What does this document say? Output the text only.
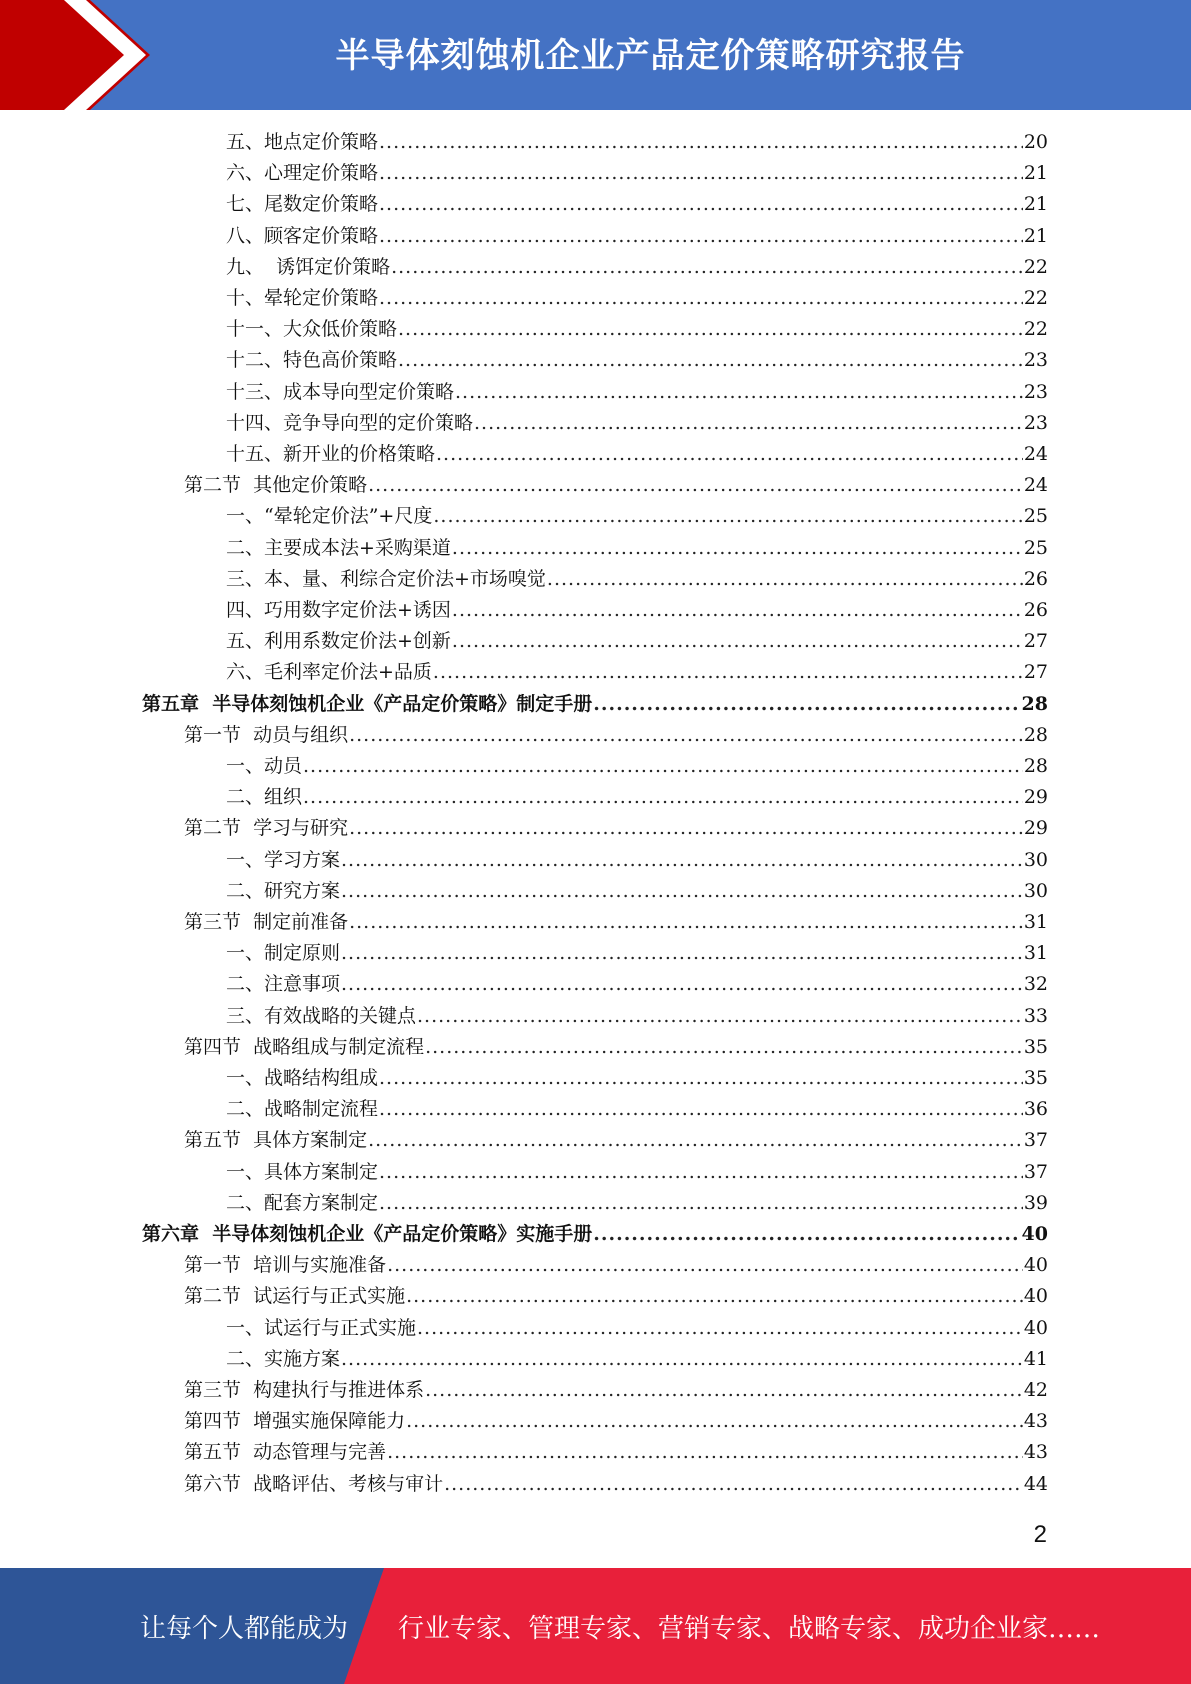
半导体刻蚀机企业产品定价策略研究报告
五、地点定价策略 .....	20
六、心理定价策略 .....	21
七、尾数定价策略 .....	21
八、顾客定价策略 .....	21
九、  诱饵定价策略 .....	22
十、晕轮定价策略 .....	22
十一、大众低价策略 .....	22
十二、特色高价策略 .....	23
十三、成本导向型定价策略 .....	23
十四、竞争导向型的定价策略 .....	23
十五、新开业的价格策略 .....	24
第二节  其他定价策略 .....	24
一、“晕轮定价法”+尺度 .....	25
二、主要成本法+采购渠道 .....	25
三、本、量、利综合定价法+市场嗅觉 .....	26
四、巧用数字定价法+诱因 .....	26
五、利用系数定价法+创新 .....	27
六、毛利率定价法+品质 .....	27
第五章  半导体刻蚀机企业《产品定价策略》制定手册 .....	28
第一节  动员与组织 .....	28
一、动员 .....	28
二、组织 .....	29
第二节  学习与研究 .....	29
一、学习方案 .....	30
二、研究方案 .....	30
第三节  制定前准备 .....	31
一、制定原则 .....	31
二、注意事项 .....	32
三、有效战略的关键点 .....	33
第四节  战略组成与制定流程 .....	35
一、战略结构组成 .....	35
二、战略制定流程 .....	36
第五节  具体方案制定 .....	37
一、具体方案制定 .....	37
二、配套方案制定 .....	39
第六章  半导体刻蚀机企业《产品定价策略》实施手册 .....	40
第一节  培训与实施准备 .....	40
第二节  试运行与正式实施 .....	40
一、试运行与正式实施 .....	40
二、实施方案 .....	41
第三节  构建执行与推进体系 .....	42
第四节  增强实施保障能力 .....	43
第五节  动态管理与完善 .....	43
第六节  战略评估、考核与审计 .....	44
2
让每个人都能成为 行业专家、管理专家、营销专家、战略专家、成功企业家……
